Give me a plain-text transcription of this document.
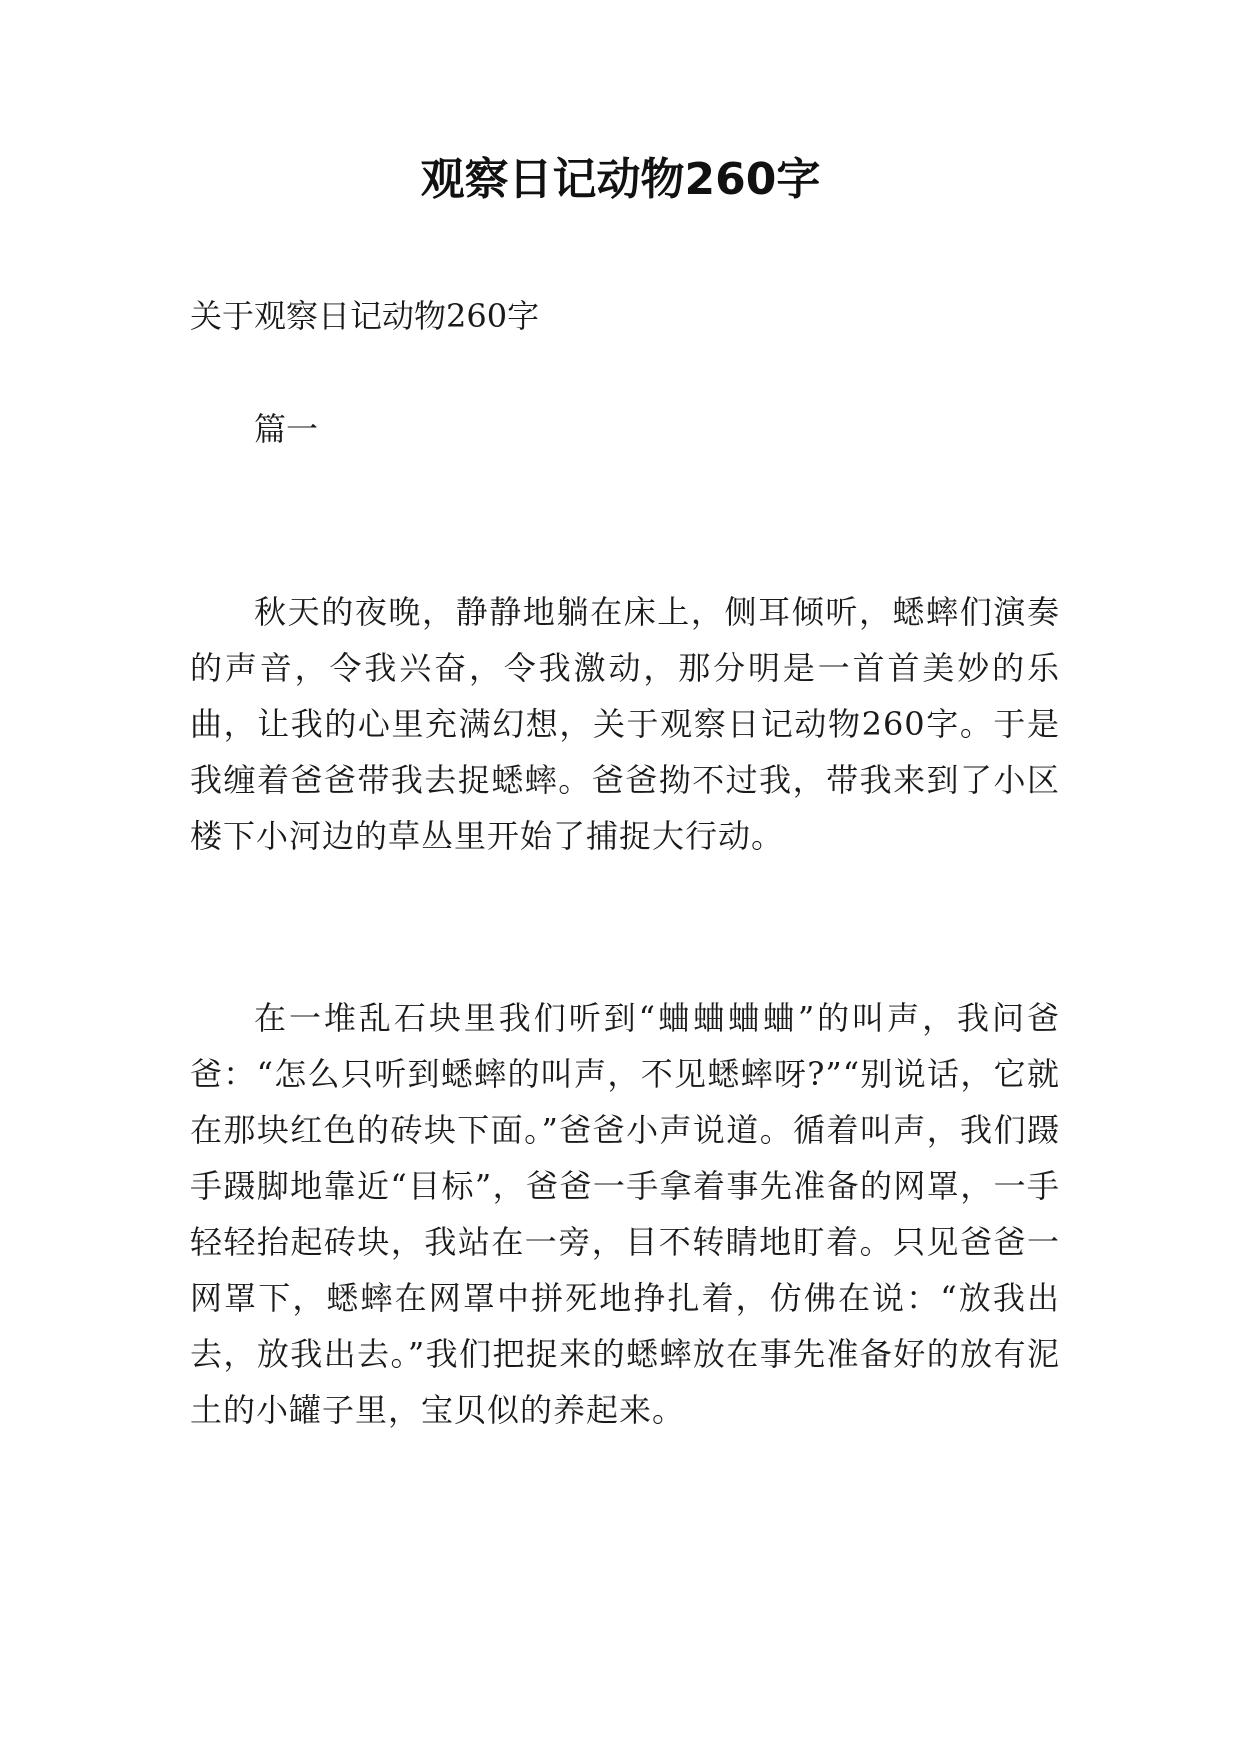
观察日记动物260字

关于观察日记动物260字

篇一

秋天的夜晚，静静地躺在床上，侧耳倾听，蟋蟀们演奏的声音，令我兴奋，令我激动，那分明是一首首美妙的乐曲，让我的心里充满幻想，关于观察日记动物260字。于是我缠着爸爸带我去捉蟋蟀。爸爸拗不过我，带我来到了小区楼下小河边的草丛里开始了捕捉大行动。

在一堆乱石块里我们听到“蛐蛐蛐蛐”的叫声，我问爸爸：“怎么只听到蟋蟀的叫声，不见蟋蟀呀?”“别说话，它就在那块红色的砖块下面。”爸爸小声说道。循着叫声，我们蹑手蹑脚地靠近“目标”，爸爸一手拿着事先准备的网罩，一手轻轻抬起砖块，我站在一旁，目不转睛地盯着。只见爸爸一网罩下，蟋蟀在网罩中拼死地挣扎着，仿佛在说：“放我出去，放我出去。”我们把捉来的蟋蟀放在事先准备好的放有泥土的小罐子里，宝贝似的养起来。
